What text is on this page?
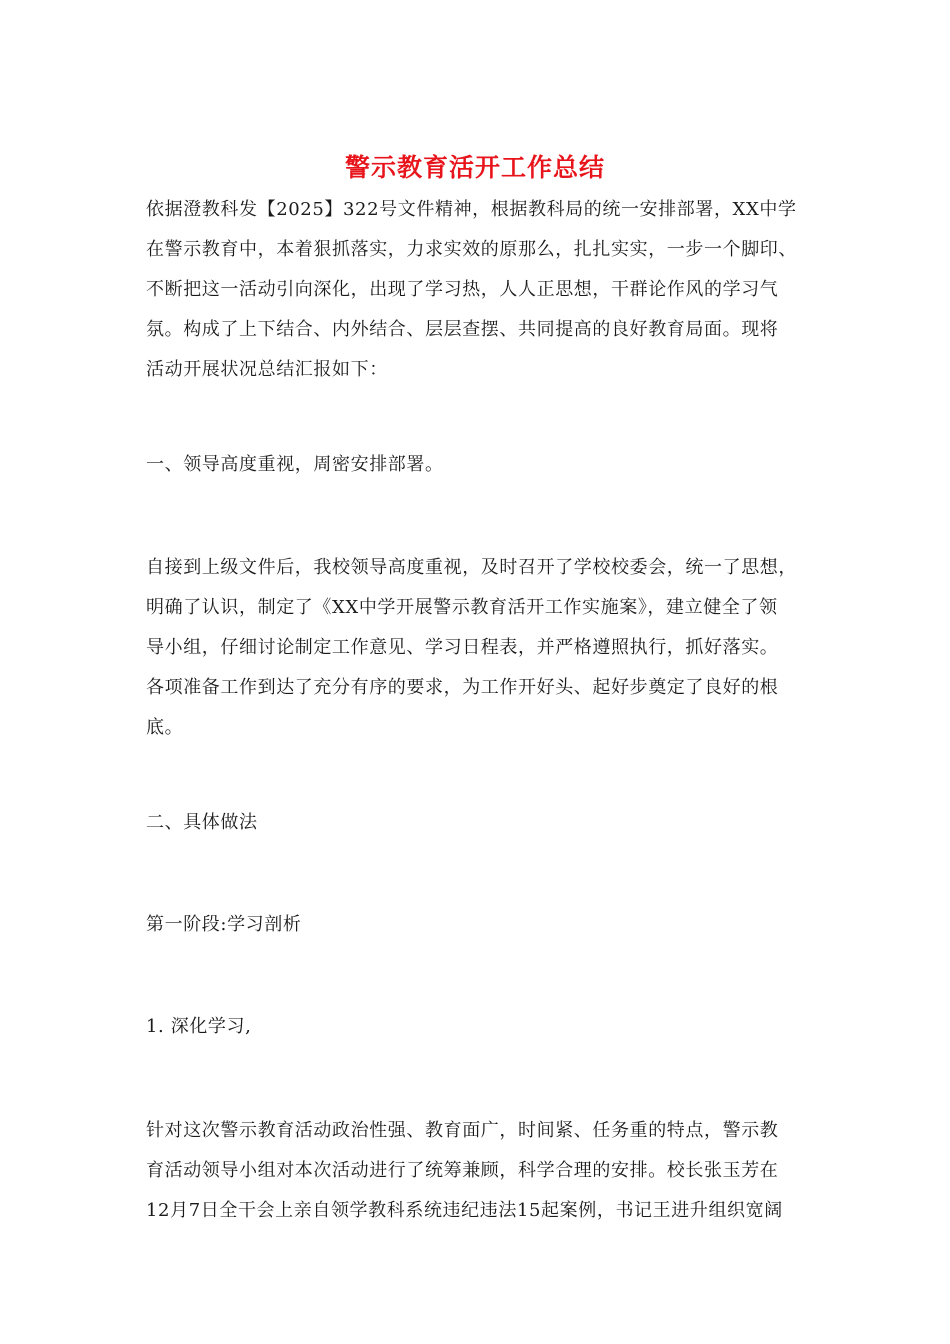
警示教育活开工作总结
依据澄教科发【2025】322号文件精神，根据教科局的统一安排部署，XX中学
在警示教育中，本着狠抓落实，力求实效的原那么，扎扎实实，一步一个脚印、
不断把这一活动引向深化，出现了学习热，人人正思想，干群论作风的学习气
氛。构成了上下结合、内外结合、层层查摆、共同提高的良好教育局面。现将
活动开展状况总结汇报如下：
一、领导高度重视，周密安排部署。
自接到上级文件后，我校领导高度重视，及时召开了学校校委会，统一了思想，
明确了认识，制定了《XX中学开展警示教育活开工作实施案》，建立健全了领
导小组，仔细讨论制定工作意见、学习日程表，并严格遵照执行，抓好落实。
各项准备工作到达了充分有序的要求，为工作开好头、起好步奠定了良好的根
底。
二、具体做法
第一阶段:学习剖析
1. 深化学习,
针对这次警示教育活动政治性强、教育面广，时间紧、任务重的特点，警示教
育活动领导小组对本次活动进行了统筹兼顾，科学合理的安排。校长张玉芳在
12月7日全干会上亲自领学教科系统违纪违法15起案例，书记王进升组织宽阔
